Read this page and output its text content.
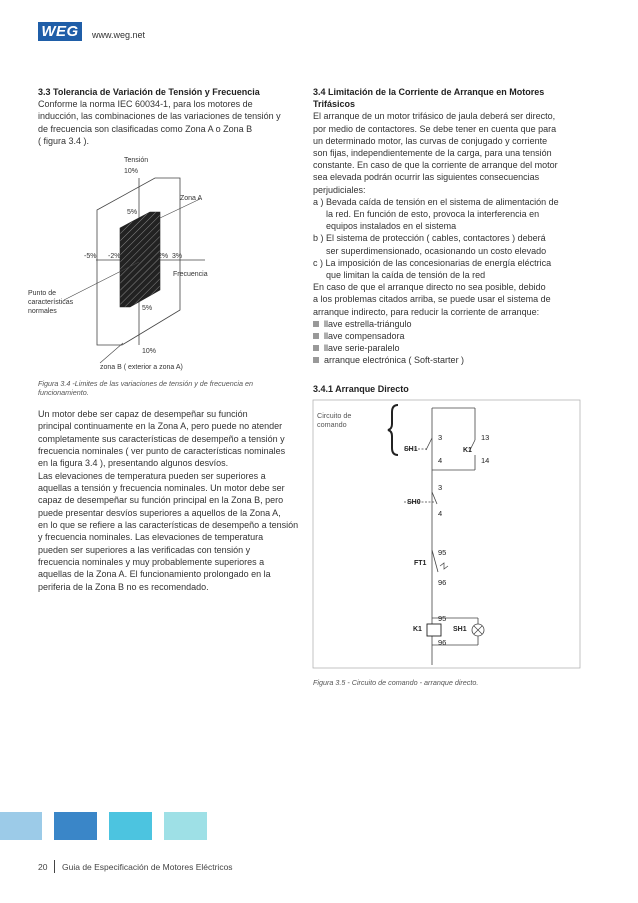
WEG	www.weg.net
3.3 Tolerancia de Variación de Tensión y Frecuencia
Conforme la norma IEC 60034-1, para los motores de
inducción, las combinaciones de las variaciones de tensión y
de frecuencia son clasificadas como Zona A o Zona B
( figura 3.4 ).
Tensión
10%
Zona A
5%
-5% -2%	2% 3%
Frecuencia
Punto de
características
normales	5%
10%
zona B ( exterior a zona A)
Figura 3.4 -Limites de las variaciones de tensión y de frecuencia en
funcionamiento.
Un motor debe ser capaz de desempeñar su función
principal continuamente en la Zona A, pero puede no atender
completamente sus características de desempeño a tensión y
frecuencia nominales ( ver punto de características nominales
en la figura 3.4 ), presentando algunos desvíos.
Las elevaciones de temperatura pueden ser superiores a
aquellas a tensión y frecuencia nominales. Un motor debe ser
capaz de desempeñar su función principal en la Zona B, pero
puede presentar desvíos superiores a aquellos de la Zona A,
en lo que se refiere a las características de desempeño a tensión
y frecuencia nominales. Las elevaciones de temperatura
pueden ser superiores a las verificadas con tensión y
frecuencia nominales y muy probablemente superiores a
aquellas de la Zona A. El funcionamiento prolongado en la
periferia de la Zona B no es recomendado.
3.4 Limitación de la Corriente de Arranque en Motores
Trifásicos
El arranque de un motor trifásico de jaula deberá ser directo,
por medio de contactores. Se debe tener en cuenta que para
un determinado motor, las curvas de conjugado y corriente
son fijas, independientemente de la carga, para una tensión
constante. En caso de que la corriente de arranque del motor
sea elevada podrán ocurrir las siguientes consecuencias
perjudiciales:
a ) Bevada caída de tensión en el sistema de alimentación de
la red. En función de esto, provoca la interferencia en
equipos instalados en el sistema
b ) El sistema de protección ( cables, contactores ) deberá
ser superdimensionado, ocasionando un costo elevado
c ) La imposición de las concesionarias de energía eléctrica
que limitan la caída de tensión de la red
En caso de que el arranque directo no sea posible, debido
a los problemas citados arriba, se puede usar el sistema de
arranque indirecto, para reducir la corriente de arranque:
llave estrella-triángulo
llave compensadora
llave serie-paralelo
arranque electrónica ( Soft-starter )
3.4.1 Arranque Directo
Circuito de
comando
SH1	K1
SH0
FT1
K1	SH1
3
4
13
14
3
4
95
96
95
96
Figura 3.5 - Circuito de comando - arranque directo.
20 Guia de Especificación de Motores Eléctricos
